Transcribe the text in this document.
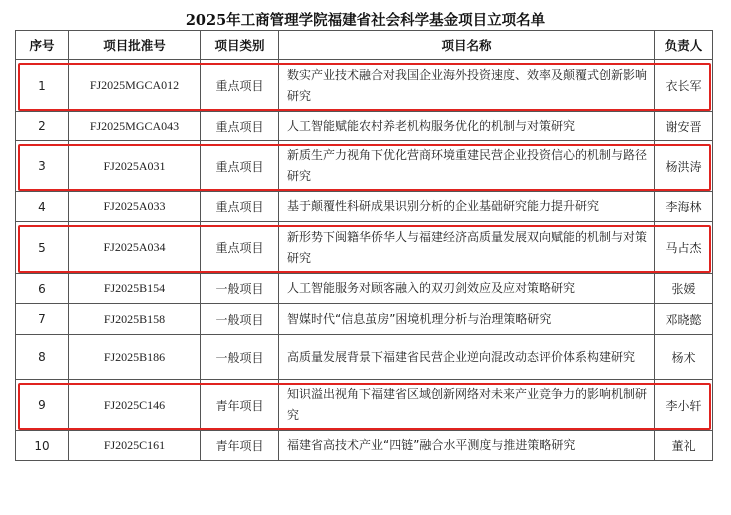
2025年工商管理学院福建省社会科学基金项目立项名单
序号	项目批准号	项目类别	项目名称	负责人
1	FJ2025MGCA012	重点项目	数实产业技术融合对我国企业海外投资速度、效率及颠覆式创新影响研究	衣长军
2	FJ2025MGCA043	重点项目	人工智能赋能农村养老机构服务优化的机制与对策研究	谢安晋
3	FJ2025A031	重点项目	新质生产力视角下优化营商环境重建民营企业投资信心的机制与路径研究	杨洪涛
4	FJ2025A033	重点项目	基于颠覆性科研成果识别分析的企业基础研究能力提升研究	李海林
5	FJ2025A034	重点项目	新形势下闽籍华侨华人与福建经济高质量发展双向赋能的机制与对策研究	马占杰
6	FJ2025B154	一般项目	人工智能服务对顾客融入的双刃剑效应及应对策略研究	张媛
7	FJ2025B158	一般项目	智媒时代“信息茧房”困境机理分析与治理策略研究	邓晓懿
8	FJ2025B186	一般项目	高质量发展背景下福建省民营企业逆向混改动态评价体系构建研究	杨术
9	FJ2025C146	青年项目	知识溢出视角下福建省区域创新网络对未来产业竞争力的影响机制研究	李小轩
10	FJ2025C161	青年项目	福建省高技术产业“四链”融合水平测度与推进策略研究	董礼
